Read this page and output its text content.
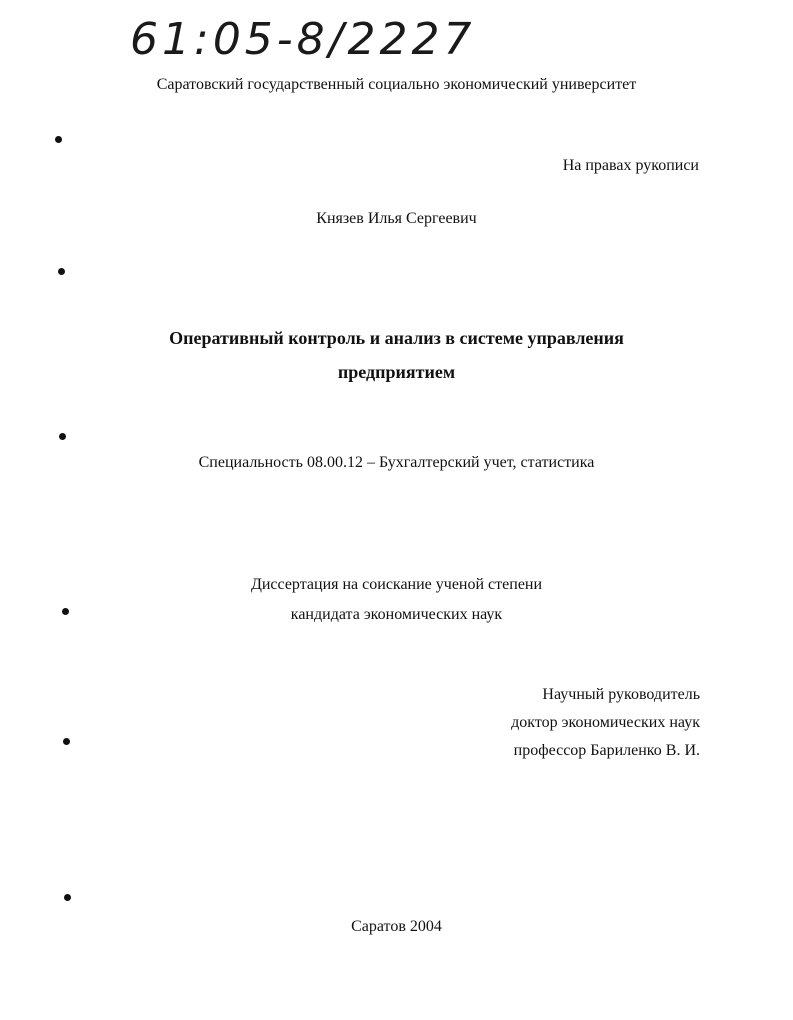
61:05-8/2227
Саратовский государственный социально экономический университет
На правах рукописи
Князев Илья Сергеевич
Оперативный контроль и анализ в системе управления
предприятием
Специальность 08.00.12 – Бухгалтерский учет, статистика
Диссертация на соискание ученой степени
кандидата экономических наук
Научный руководитель
доктор экономических наук
профессор Бариленко В. И.
Саратов 2004
